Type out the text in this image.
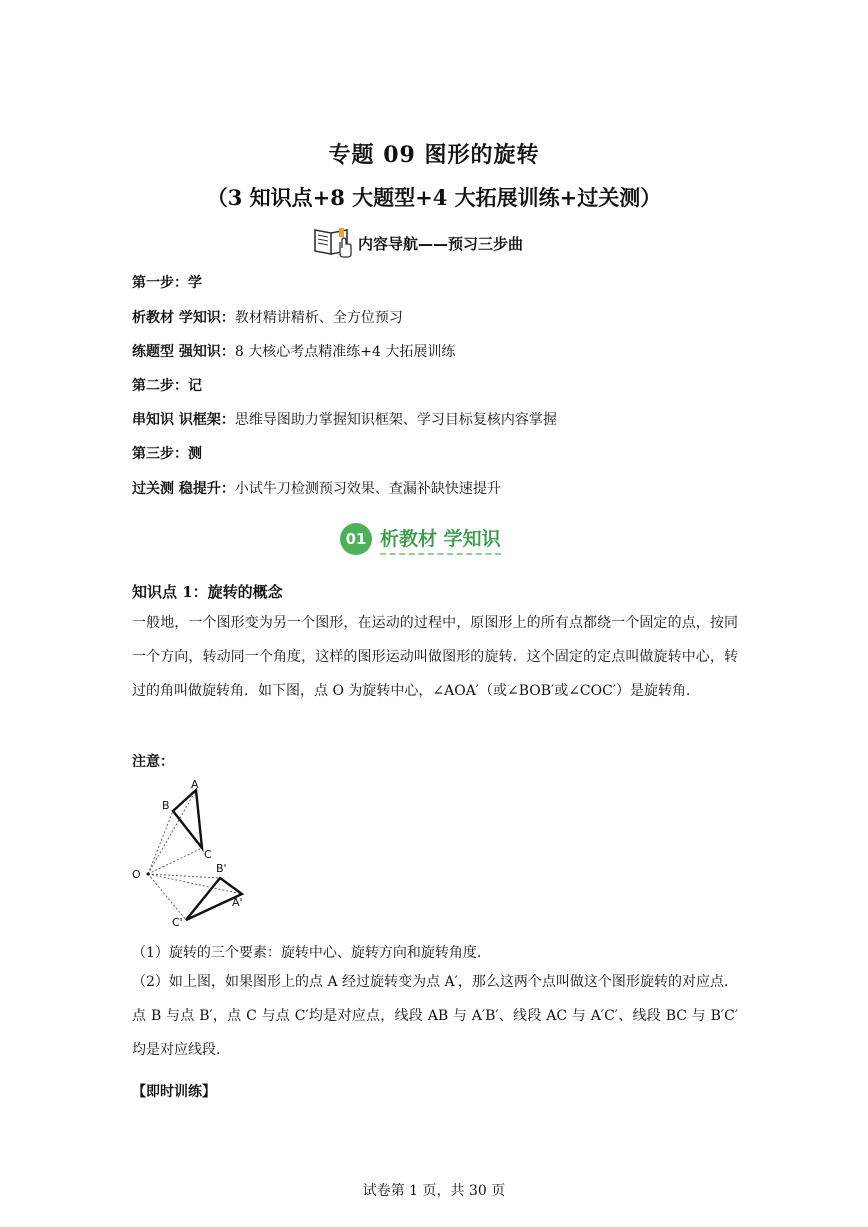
专题 09 图形的旋转
（3 知识点+8 大题型+4 大拓展训练+过关测）
内容导航——预习三步曲
第一步：学
析教材 学知识：教材精讲精析、全方位预习
练题型 强知识：8 大核心考点精准练+4 大拓展训练
第二步：记
串知识 识框架：思维导图助力掌握知识框架、学习目标复核内容掌握
第三步：测
过关测 稳提升：小试牛刀检测预习效果、查漏补缺快速提升
01 析教材 学知识
知识点 1：旋转的概念
一般地，一个图形变为另一个图形，在运动的过程中，原图形上的所有点都绕一个固定的点，按同一个方向，转动同一个角度，这样的图形运动叫做图形的旋转．这个固定的定点叫做旋转中心，转过的角叫做旋转角．如下图，点 O 为旋转中心，∠AOA′（或∠BOB′或∠COC′）是旋转角．
注意：
O
A
B
C
A'
B'
C'
（1）旋转的三个要素：旋转中心、旋转方向和旋转角度．
（2）如上图，如果图形上的点 A 经过旋转变为点 A′，那么这两个点叫做这个图形旋转的对应点． 点 B 与点 B′，点 C 与点 C′均是对应点，线段 AB 与 A′B′、线段 AC 与 A′C′、线段 BC 与 B′C′均是对应线段．
【即时训练】
试卷第 1 页，共 30 页
